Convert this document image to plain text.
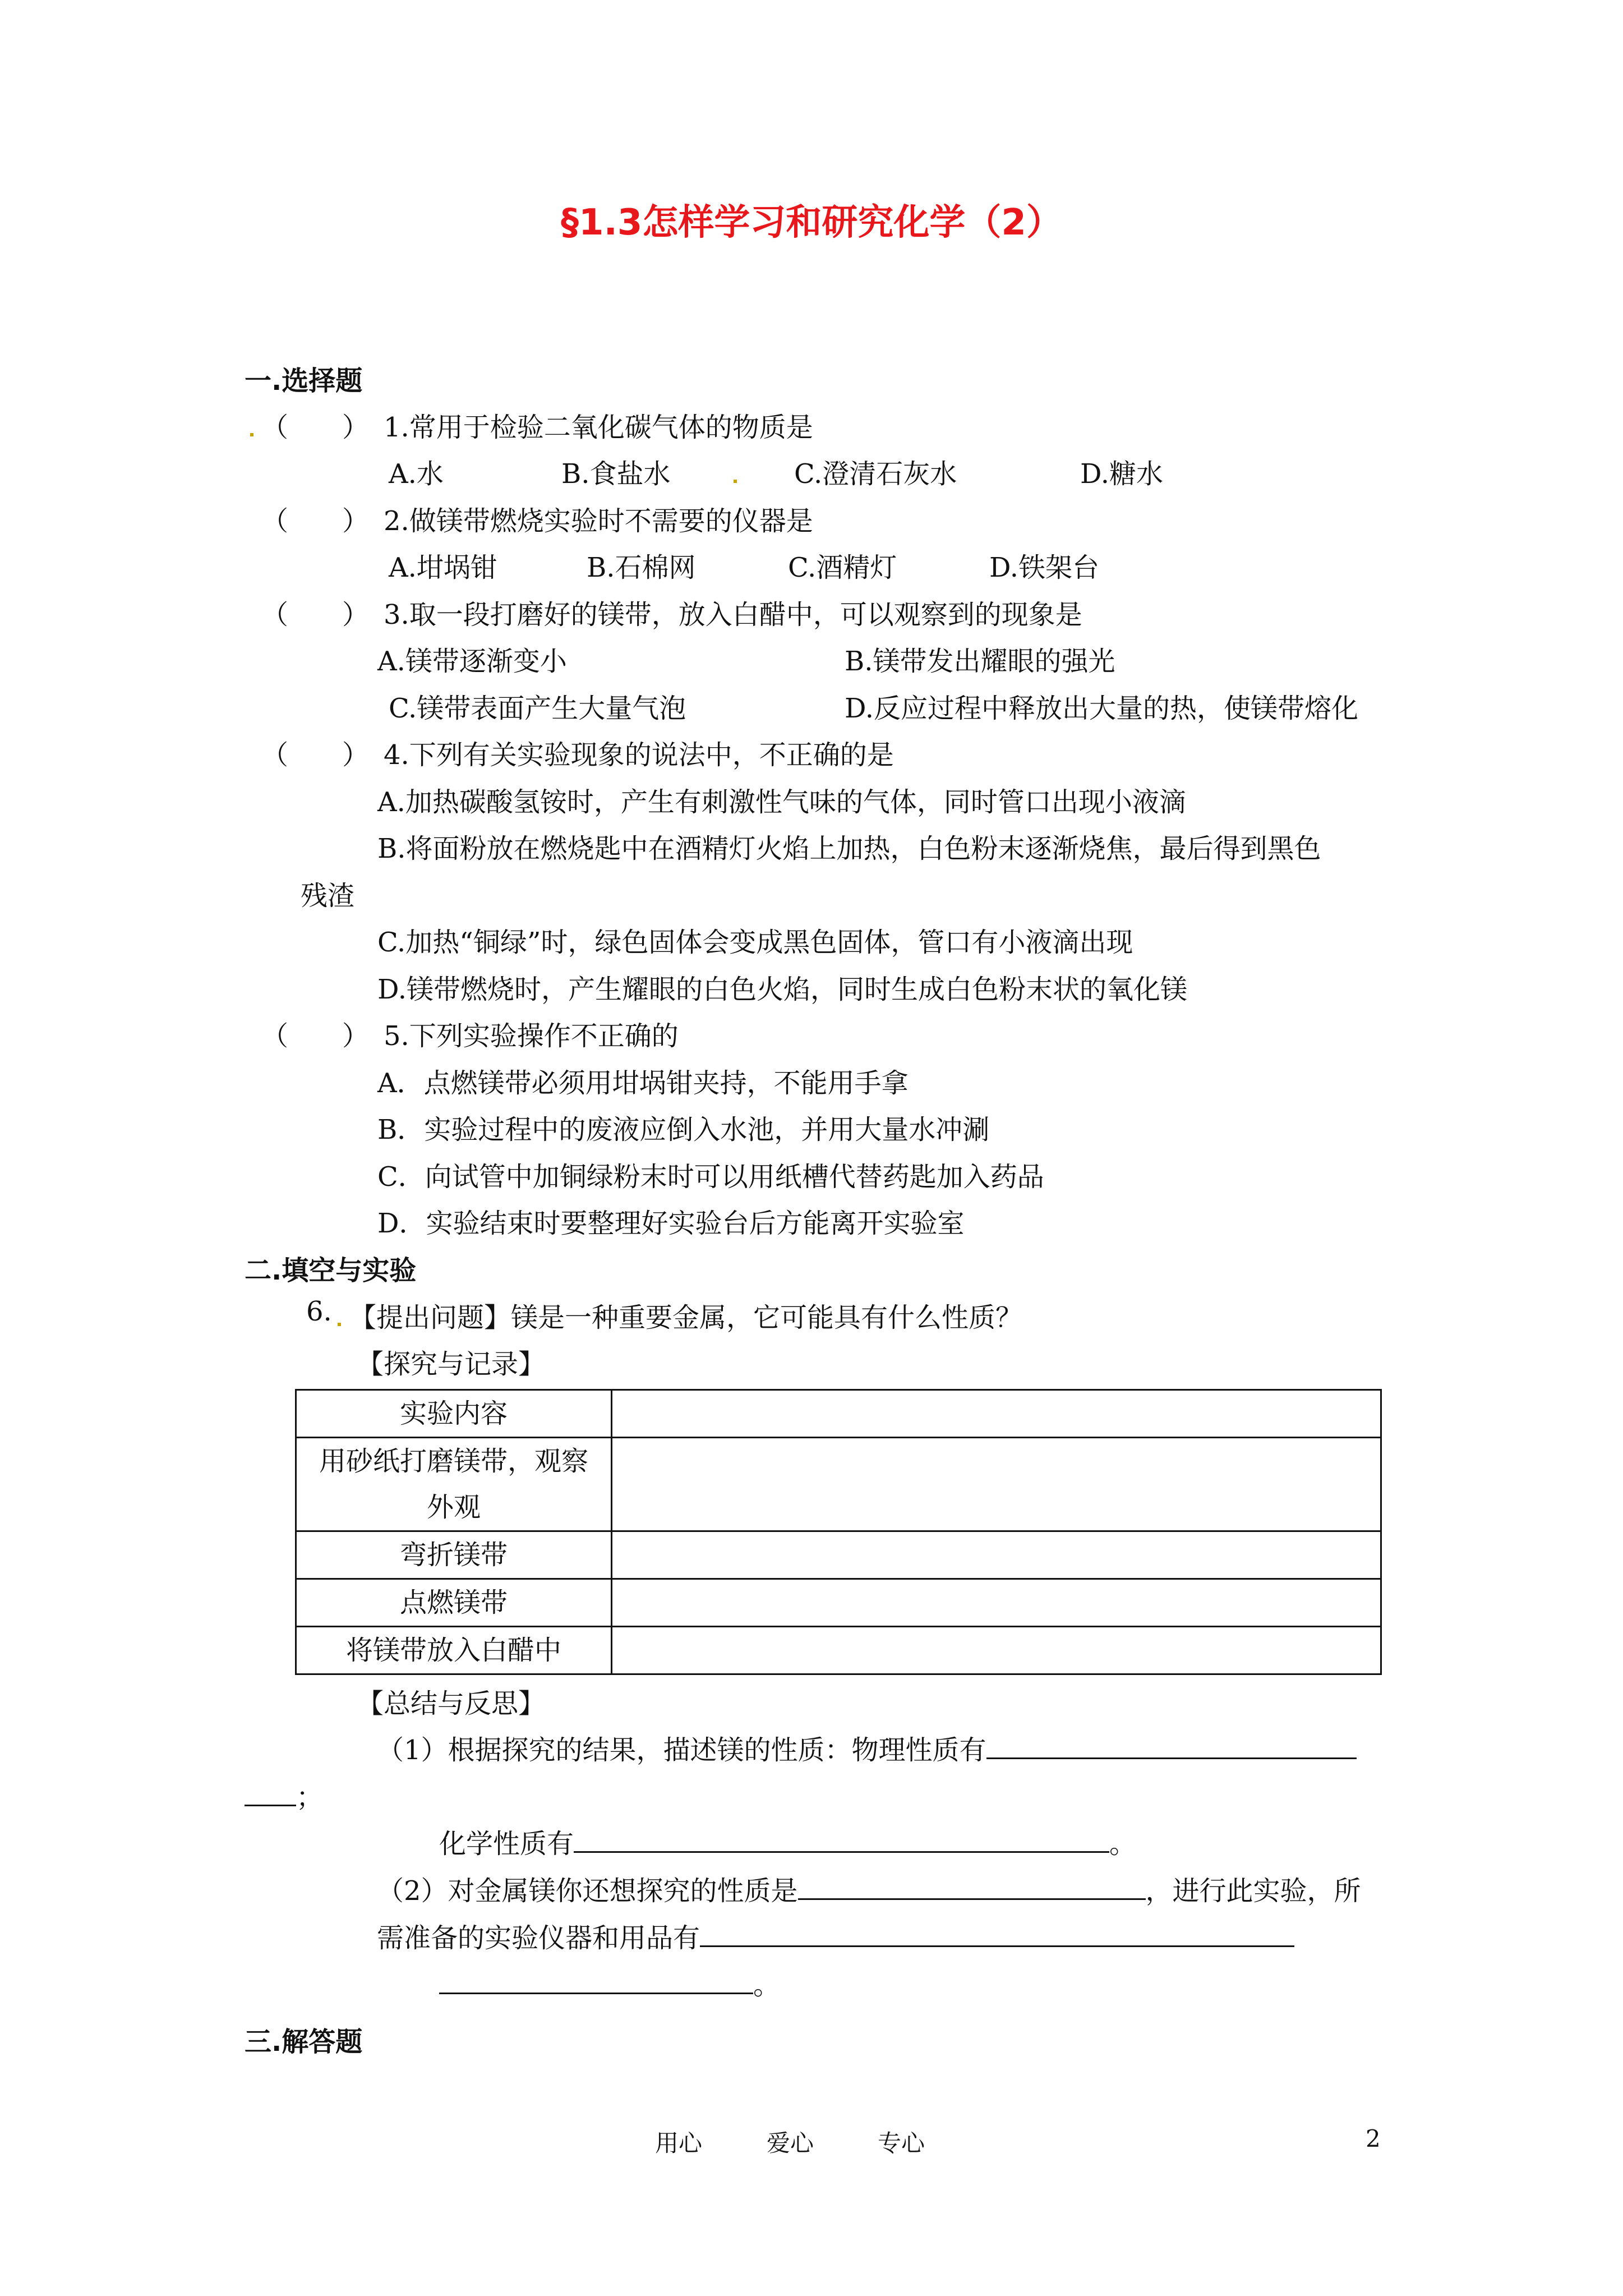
§1.3怎样学习和研究化学（2）
一.选择题
（　　） 1.常用于检验二氧化碳气体的物质是
A.水	B.食盐水	C.澄清石灰水	D.糖水
（　　） 2.做镁带燃烧实验时不需要的仪器是
A.坩埚钳	B.石棉网	C.酒精灯	D.铁架台
（　　） 3.取一段打磨好的镁带，放入白醋中，可以观察到的现象是
A.镁带逐渐变小	B.镁带发出耀眼的强光
C.镁带表面产生大量气泡	D.反应过程中释放出大量的热，使镁带熔化
（　　） 4.下列有关实验现象的说法中，不正确的是
A.加热碳酸氢铵时，产生有刺激性气味的气体，同时管口出现小液滴
B.将面粉放在燃烧匙中在酒精灯火焰上加热，白色粉末逐渐烧焦，最后得到黑色
残渣
C.加热“铜绿”时，绿色固体会变成黑色固体，管口有小液滴出现
D.镁带燃烧时，产生耀眼的白色火焰，同时生成白色粉末状的氧化镁
（　　） 5.下列实验操作不正确的
A．点燃镁带必须用坩埚钳夹持，不能用手拿
B．实验过程中的废液应倒入水池，并用大量水冲涮
C．向试管中加铜绿粉末时可以用纸槽代替药匙加入药品
D．实验结束时要整理好实验台后方能离开实验室
二.填空与实验
6. 【提出问题】镁是一种重要金属，它可能具有什么性质？
【探究与记录】
实验内容	

用砂纸打磨镁带，观察
外观	

弯折镁带	
点燃镁带	
将镁带放入白醋中	
【总结与反思】
（1）根据探究的结果，描述镁的性质：物理性质有
；
化学性质有	。
（2）对金属镁你还想探究的性质是	，进行此实验，所
需准备的实验仪器和用品有
。
三.解答题
用心	爱心	专心	2
